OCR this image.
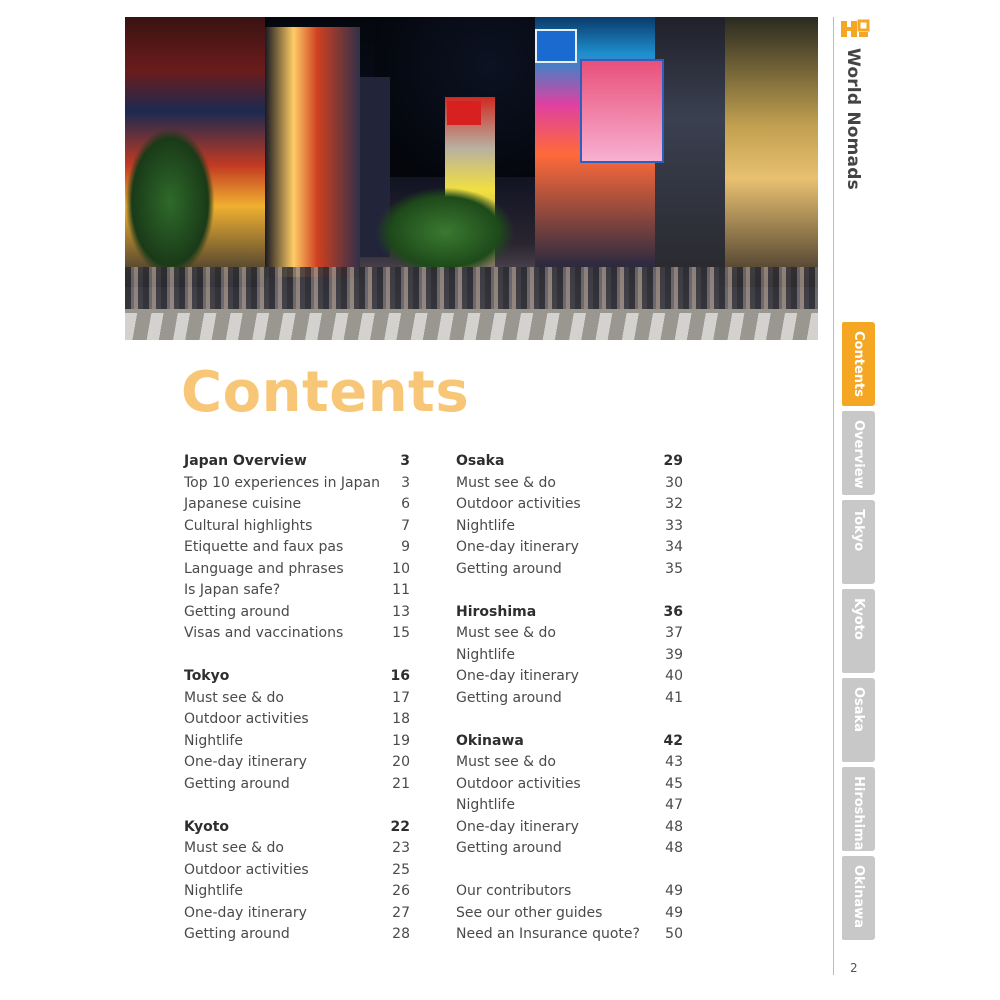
World Nomads
Contents
Overview
Tokyo
Kyoto
Osaka
Hiroshima
Okinawa
2
Contents
Japan Overview	3
Top 10 experiences in Japan 3
Japanese cuisine	6
Cultural highlights	7
Etiquette and faux pas	9
Language and phrases	10
Is Japan safe?	11
Getting around	13
Visas and vaccinations	15
Tokyo	16
Must see & do	17
Outdoor activities	18
Nightlife	19
One-day itinerary	20
Getting around	21
Kyoto	22
Must see & do	23
Outdoor activities	25
Nightlife	26
One-day itinerary	27
Getting around	28
Osaka	29
Must see & do	30
Outdoor activities	32
Nightlife	33
One-day itinerary	34
Getting around	35
Hiroshima	36
Must see & do	37
Nightlife	39
One-day itinerary	40
Getting around	41
Okinawa	42
Must see & do	43
Outdoor activities	45
Nightlife	47
One-day itinerary	48
Getting around	48
Our contributors	49
See our other guides	49
Need an Insurance quote? 50
